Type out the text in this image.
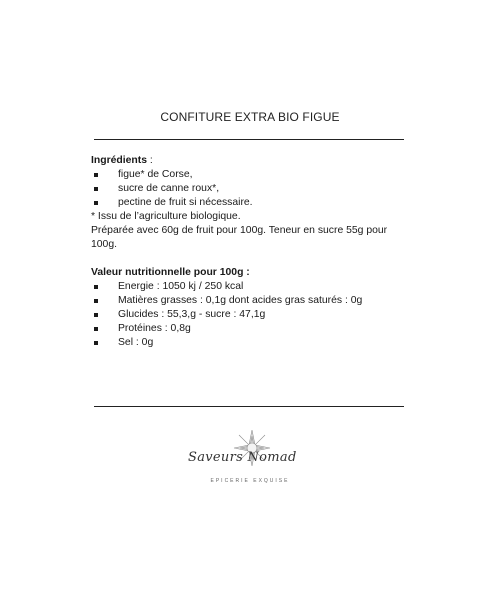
CONFITURE EXTRA BIO FIGUE
Ingrédients :
figue* de Corse,
sucre de canne roux*,
pectine de fruit si nécessaire.
* Issu de l’agriculture biologique.
Préparée avec 60g de fruit pour 100g. Teneur en sucre 55g pour 100g.
Valeur nutritionnelle pour 100g :
Energie : 1050 kj / 250 kcal
Matières grasses : 0,1g dont acides gras saturés : 0g
Glucides : 55,3,g - sucre : 47,1g
Protéines : 0,8g
Sel : 0g
Saveurs Nomad
EPICERIE EXQUISE
